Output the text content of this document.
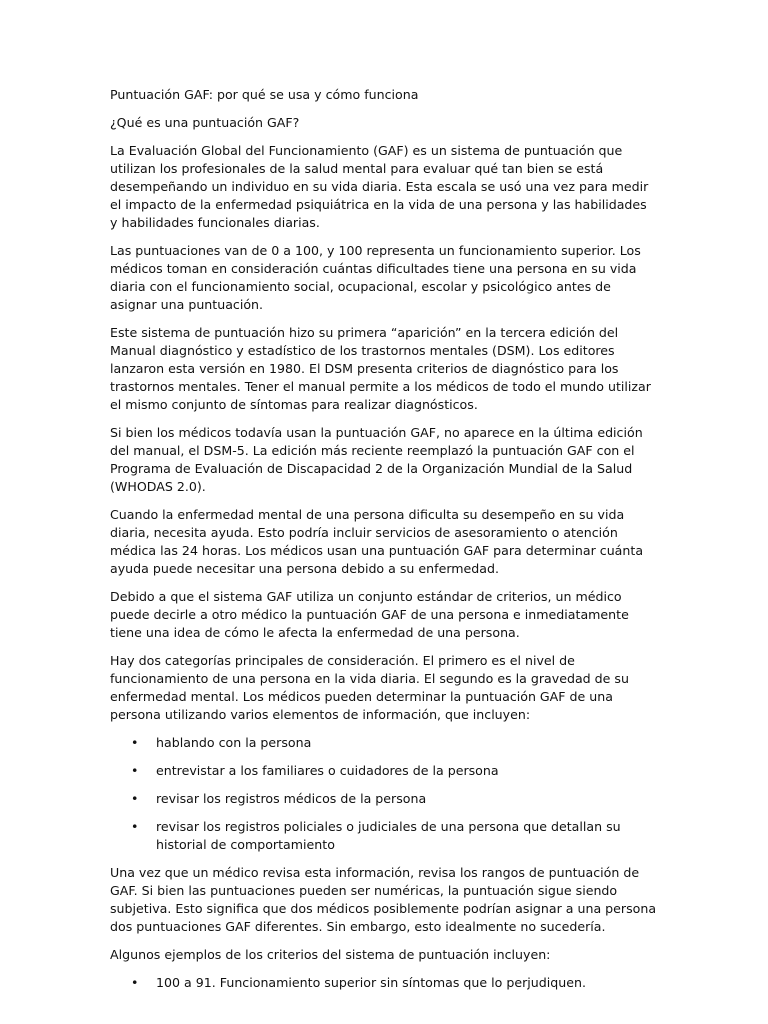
Puntuación GAF: por qué se usa y cómo funciona

¿Qué es una puntuación GAF?

La Evaluación Global del Funcionamiento (GAF) es un sistema de puntuación que utilizan los profesionales de la salud mental para evaluar qué tan bien se está desempeñando un individuo en su vida diaria. Esta escala se usó una vez para medir el impacto de la enfermedad psiquiátrica en la vida de una persona y las habilidades y habilidades funcionales diarias.

Las puntuaciones van de 0 a 100, y 100 representa un funcionamiento superior. Los médicos toman en consideración cuántas dificultades tiene una persona en su vida diaria con el funcionamiento social, ocupacional, escolar y psicológico antes de asignar una puntuación.

Este sistema de puntuación hizo su primera “aparición” en la tercera edición del Manual diagnóstico y estadístico de los trastornos mentales (DSM). Los editores lanzaron esta versión en 1980. El DSM presenta criterios de diagnóstico para los trastornos mentales. Tener el manual permite a los médicos de todo el mundo utilizar el mismo conjunto de síntomas para realizar diagnósticos.

Si bien los médicos todavía usan la puntuación GAF, no aparece en la última edición del manual, el DSM-5. La edición más reciente reemplazó la puntuación GAF con el Programa de Evaluación de Discapacidad 2 de la Organización Mundial de la Salud (WHODAS 2.0).

Cuando la enfermedad mental de una persona dificulta su desempeño en su vida diaria, necesita ayuda. Esto podría incluir servicios de asesoramiento o atención médica las 24 horas. Los médicos usan una puntuación GAF para determinar cuánta ayuda puede necesitar una persona debido a su enfermedad.

Debido a que el sistema GAF utiliza un conjunto estándar de criterios, un médico puede decirle a otro médico la puntuación GAF de una persona e inmediatamente tiene una idea de cómo le afecta la enfermedad de una persona.

Hay dos categorías principales de consideración. El primero es el nivel de funcionamiento de una persona en la vida diaria. El segundo es la gravedad de su enfermedad mental. Los médicos pueden determinar la puntuación GAF de una persona utilizando varios elementos de información, que incluyen:

• hablando con la persona
• entrevistar a los familiares o cuidadores de la persona
• revisar los registros médicos de la persona
• revisar los registros policiales o judiciales de una persona que detallan su historial de comportamiento

Una vez que un médico revisa esta información, revisa los rangos de puntuación de GAF. Si bien las puntuaciones pueden ser numéricas, la puntuación sigue siendo subjetiva. Esto significa que dos médicos posiblemente podrían asignar a una persona dos puntuaciones GAF diferentes. Sin embargo, esto idealmente no sucedería.

Algunos ejemplos de los criterios del sistema de puntuación incluyen:

• 100 a 91. Funcionamiento superior sin síntomas que lo perjudiquen.
